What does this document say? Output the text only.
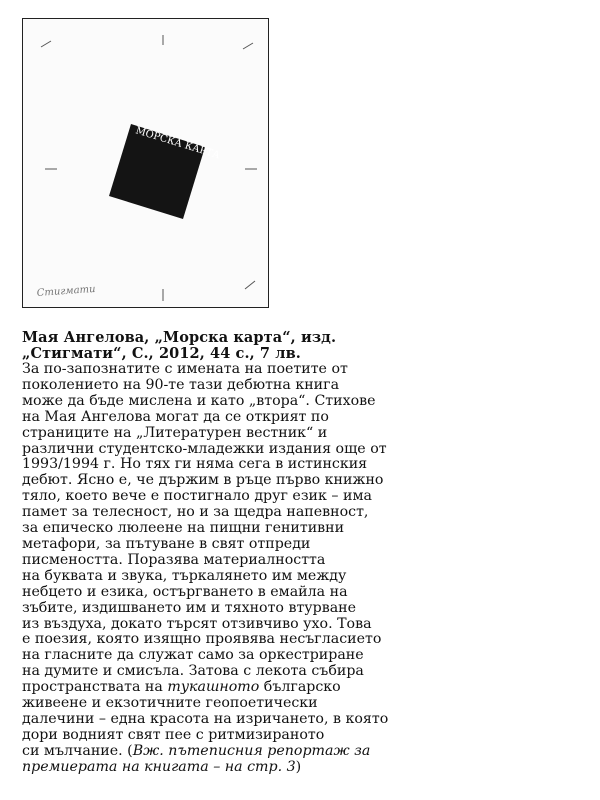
МОРСКА КАРТА
Стигмати

Мая Ангелова, „Морска карта“, изд.
„Стигмати“, С., 2012, 44 с., 7 лв.

За по-запознатите с имената на поетите от
поколението на 90-те тази дебютна книга
може да бъде мислена и като „втора“. Стихове
на Мая Ангелова могат да се открият по
страниците на „Литературен вестник“ и
различни студентско-младежки издания още от
1993/1994 г. Но тях ги няма сега в истинския
дебют. Ясно е, че държим в ръце първо книжно
тяло, което вече е постигнало друг език – има
памет за телесност, но и за щедра напевност,
за епическо люлеене на пищни генитивни
метафори, за пътуване в свят отпреди
писмеността. Поразява материалността
на буквата и звука, търкалянето им между
небцето и езика, остъргването в емайла на
зъбите, издишването им и тяхното втурване
из въздуха, докато търсят отзивчиво ухо. Това
е поезия, която изящно проявява несъгласието
на гласните да служат само за оркестриране
на думите и смисъла. Затова с лекота събира
пространствата на тукашното българско
живеене и екзотичните геопоетически
далечини – една красота на изричането, в която
дори водният свят пее с ритмизираното
си мълчание. (Вж. пътеписния репортаж за
премиерата на книгата – на стр. 3)
